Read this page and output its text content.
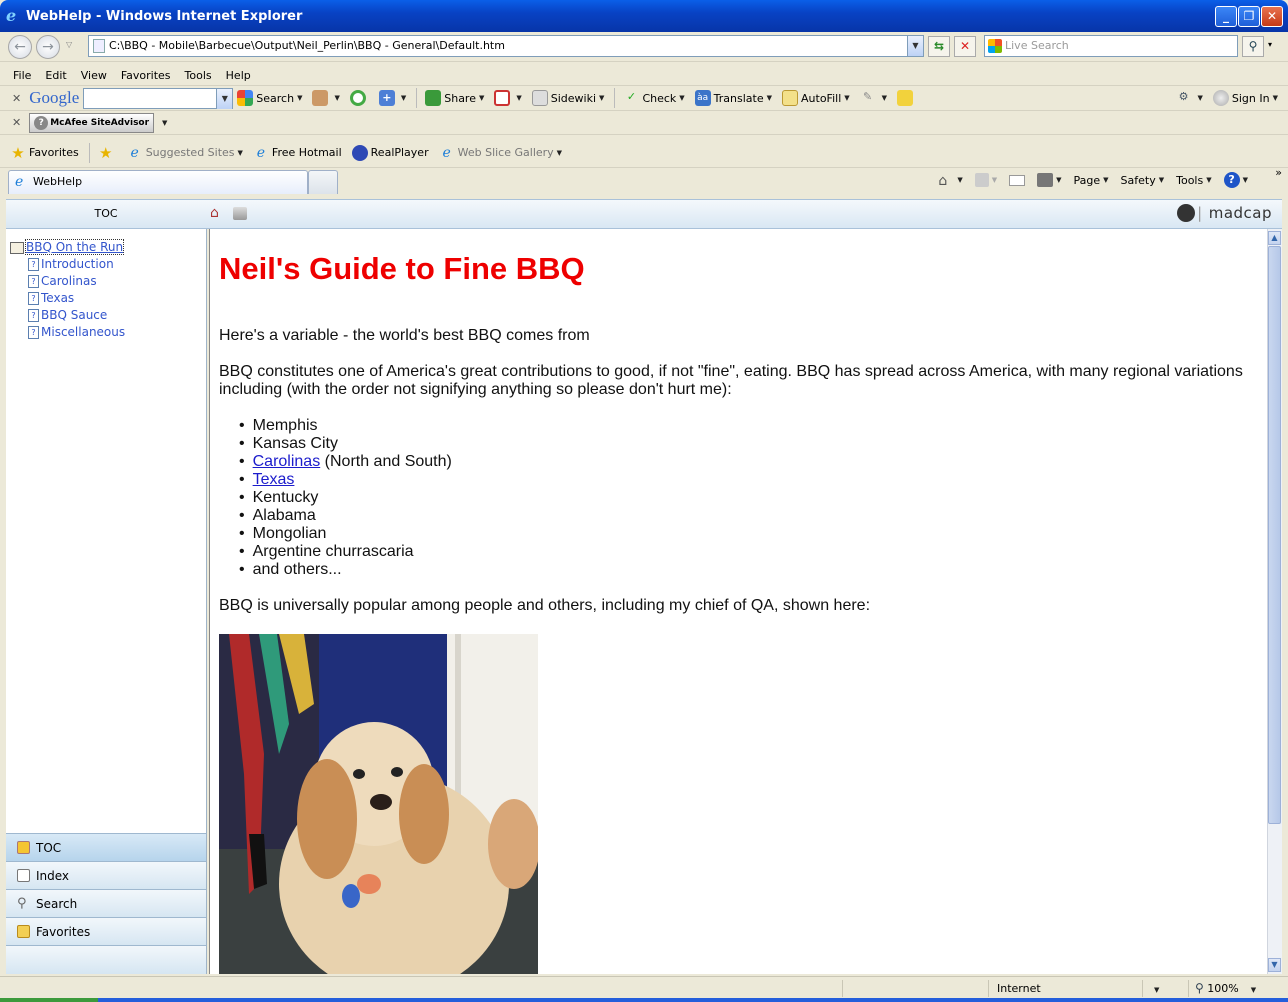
e WebHelp - Windows Internet Explorer	_	❐	✕
←	→	▽	C:\BBQ - Mobile\Barbecue\Output\Neil_Perlin\BBQ - General\Default.htm	▼	⇆	✕	Live Search	⚲	▾
File Edit View Favorites Tools Help
✕ Google	▼	Search ▼	▼	+	▼	Share ▼	▼	Sidewiki ▼	✓ Check ▼ àa Translate ▼	AutoFill ▼	✎	▼	⚙	▼	Sign In ▼
✕	? McAfee SiteAdvisor ▼
★ Favorites ★ e Suggested Sites ▼ e Free Hotmail	RealPlayer e Web Slice Gallery ▼
e WebHelp	⌂	▼	▼	▼ Page ▼ Safety ▼ Tools ▼	?	▼
»
TOC	⌂	| madcap
BBQ On the Run
? Introduction
? Carolinas
? Texas
? BBQ Sauce
? Miscellaneous
TOC
Index
⚲ Search
Favorites
Neil's Guide to Fine BBQ

Here's a variable - the world's best BBQ comes from

BBQ constitutes one of America's great contributions to good, if not "fine", eating. BBQ has spread across America, with many regional variations including (with the order not signifying anything so please don't hurt me):

• Memphis
• Kansas City
• Carolinas (North and South)
• Texas
• Kentucky
• Alabama
• Mongolian
• Argentine churrascaria
• and others...

BBQ is universally popular among people and others, including my chief of QA, shown here:

▲
▼
Internet	▼	⚲ 100% ▼
